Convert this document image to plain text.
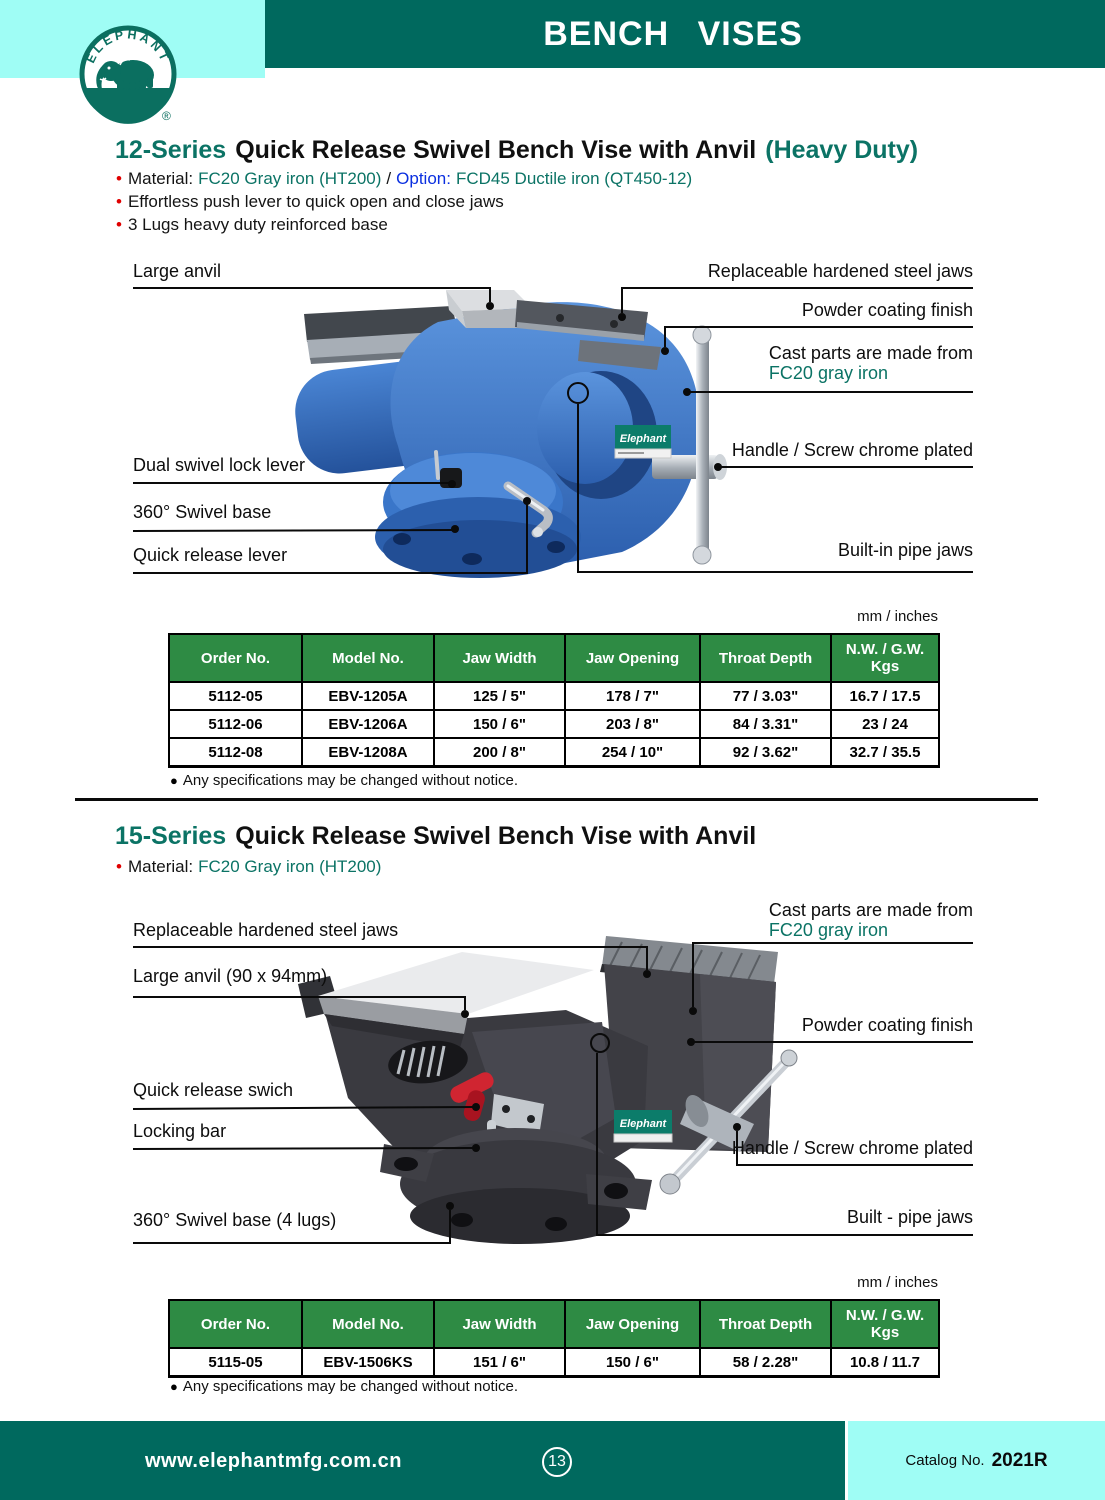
BENCH VISES
ELEPHANT
®
12-Series Quick Release Swivel Bench Vise with Anvil (Heavy Duty)
• Material: FC20 Gray iron (HT200) / Option: FCD45 Ductile iron (QT450-12)
• Effortless push lever to quick open and close jaws
• 3 Lugs heavy duty reinforced base
Elephant
Large anvil
Dual swivel lock lever
360° Swivel base
Quick release lever
Replaceable hardened steel jaws
Powder coating finish
Cast parts are made from
FC20 gray iron
Handle / Screw chrome plated
Built-in pipe jaws
mm / inches
Order No.	Model No.	Jaw Width	Jaw Opening	Throat Depth	N.W. / G.W.
Kgs

5112-05	EBV-1205A	125 / 5"	178 / 7"	77 / 3.03"	16.7 / 17.5
5112-06	EBV-1206A	150 / 6"	203 / 8"	84 / 3.31"	23 / 24
5112-08	EBV-1208A	200 / 8"	254 / 10"	92 / 3.62"	32.7 / 35.5
● Any specifications may be changed without notice.
15-Series Quick Release Swivel Bench Vise with Anvil
• Material: FC20 Gray iron (HT200)
Elephant
Replaceable hardened steel jaws
Large anvil (90 x 94mm)
Quick release swich
Locking bar
360° Swivel base (4 lugs)
Cast parts are made from
FC20 gray iron
Powder coating finish
Handle / Screw chrome plated
Built - pipe jaws
mm / inches
Order No.	Model No.	Jaw Width	Jaw Opening	Throat Depth	N.W. / G.W.
Kgs

5115-05	EBV-1506KS	151 / 6"	150 / 6"	58 / 2.28"	10.8 / 11.7
● Any specifications may be changed without notice.
www.elephantmfg.com.cn	13	Catalog No. 2021R
